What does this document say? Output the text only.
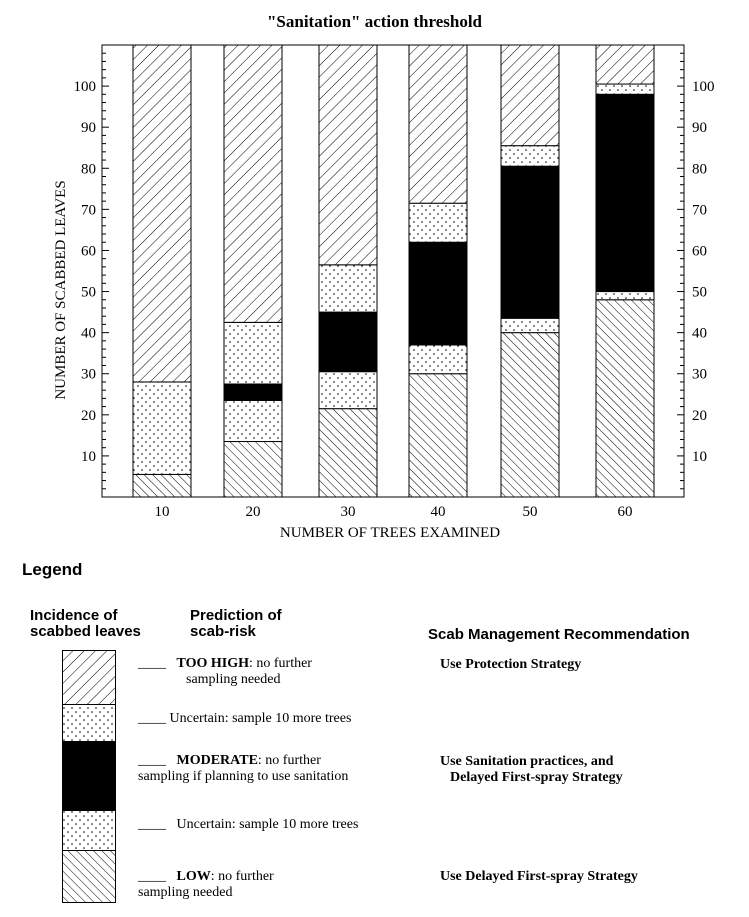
"Sanitation" action threshold
10	10
20	20
30	30
40	40
50	50
60	60
70	70
80	80
90	90
100	100
10	20	30	40	50	60
NUMBER OF SCABBED LEAVES
NUMBER OF TREES EXAMINED
Legend
Incidence of
scabbed leaves
Prediction of
scab-risk	Scab Management Recommendation
____ TOO HIGH: no further
sampling needed
Use Protection Strategy
____ Uncertain: sample 10 more trees
____ MODERATE: no further
sampling if planning to use sanitation
Use Sanitation practices, and
Delayed First-spray Strategy
____ Uncertain: sample 10 more trees
____ LOW: no further
sampling needed
Use Delayed First-spray Strategy
